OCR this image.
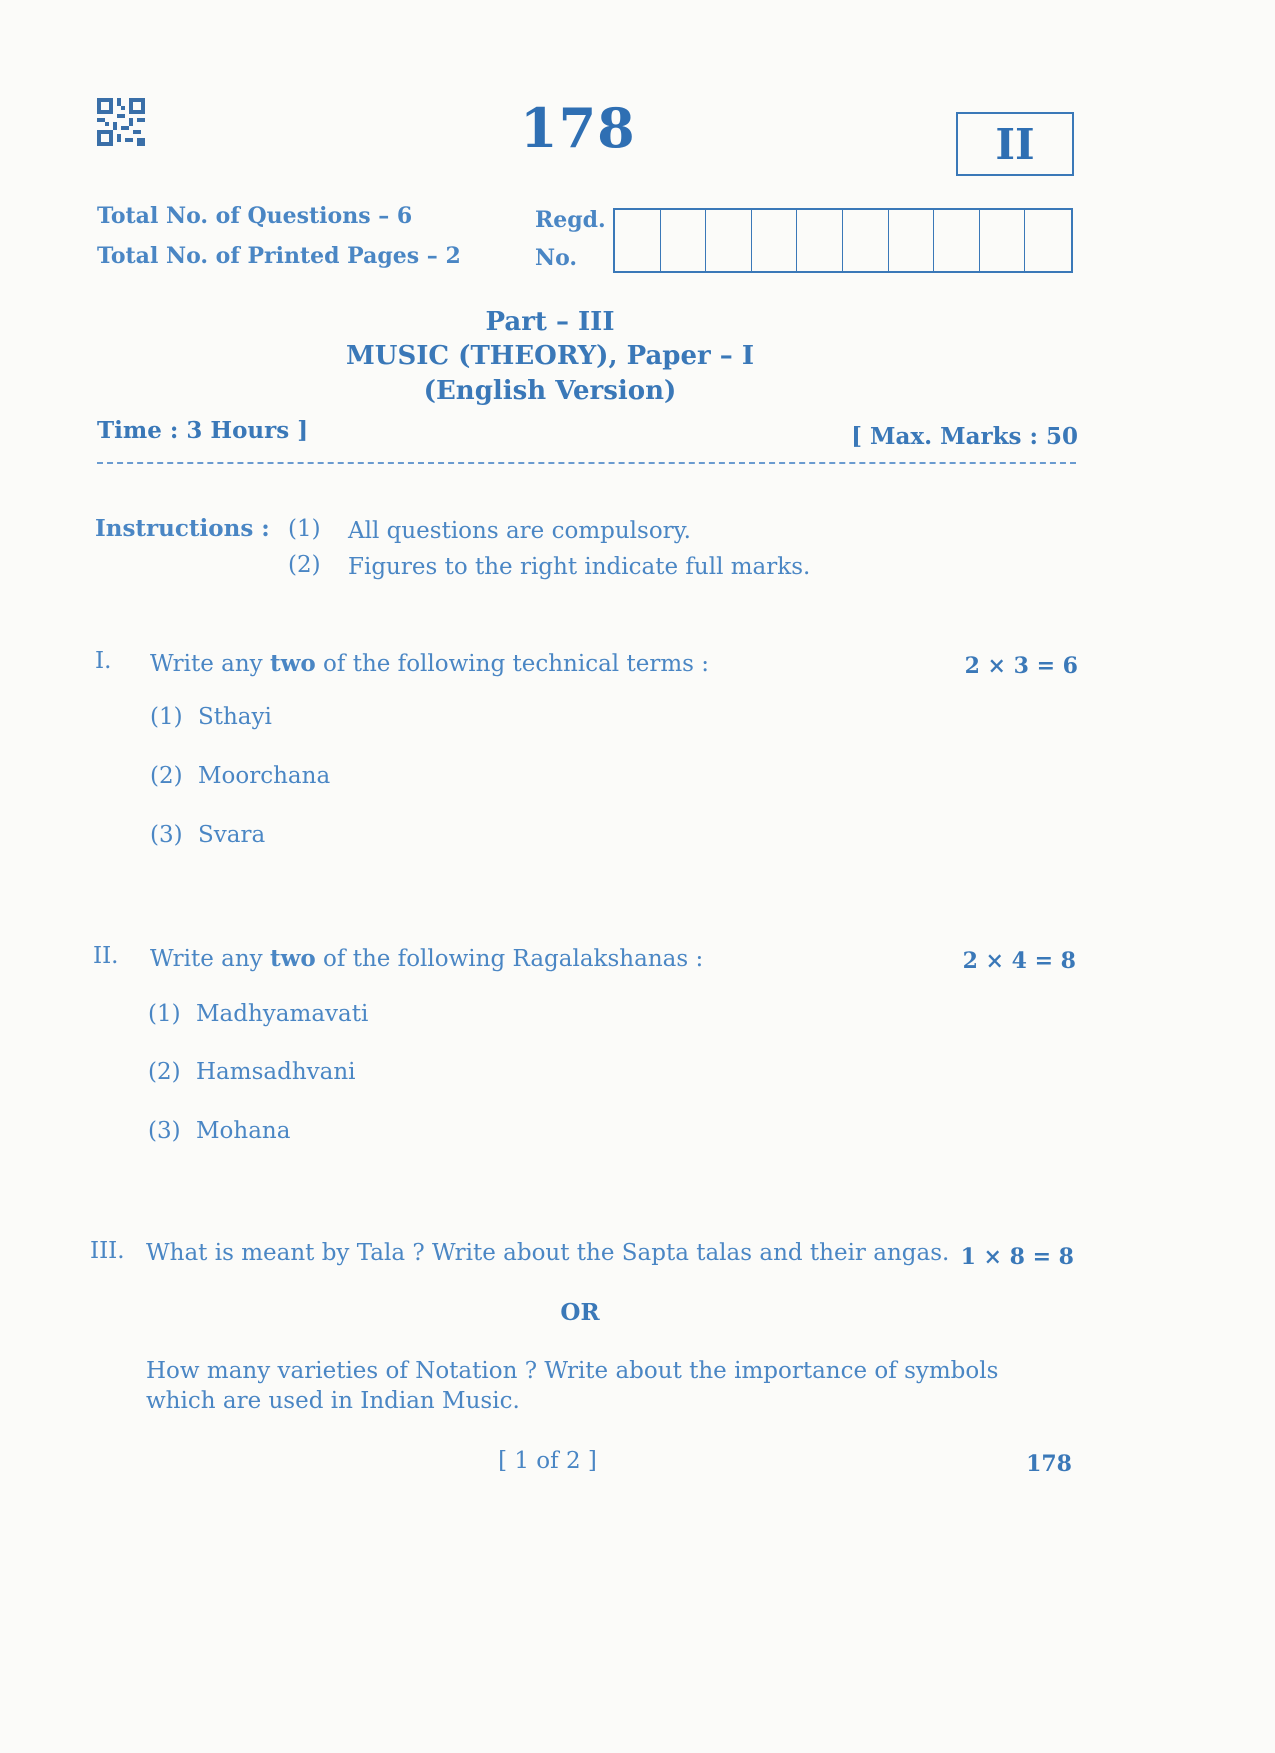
178	II
Total No. of Questions – 6
Total No. of Printed Pages – 2
Regd.
No.
Part – III
MUSIC (THEORY), Paper – I
(English Version)
Time : 3 Hours ]	[ Max. Marks : 50
Instructions : (1) All questions are compulsory.
(2) Figures to the right indicate full marks.
I. Write any two of the following technical terms :	2 × 3 = 6
(1) Sthayi
(2) Moorchana
(3) Svara
II. Write any two of the following Ragalakshanas :	2 × 4 = 8
(1) Madhyamavati
(2) Hamsadhvani
(3) Mohana
III. What is meant by Tala ? Write about the Sapta talas and their angas. 1 × 8 = 8
OR
How many varieties of Notation ? Write about the importance of symbols
which are used in Indian Music.
[ 1 of 2 ]	178
